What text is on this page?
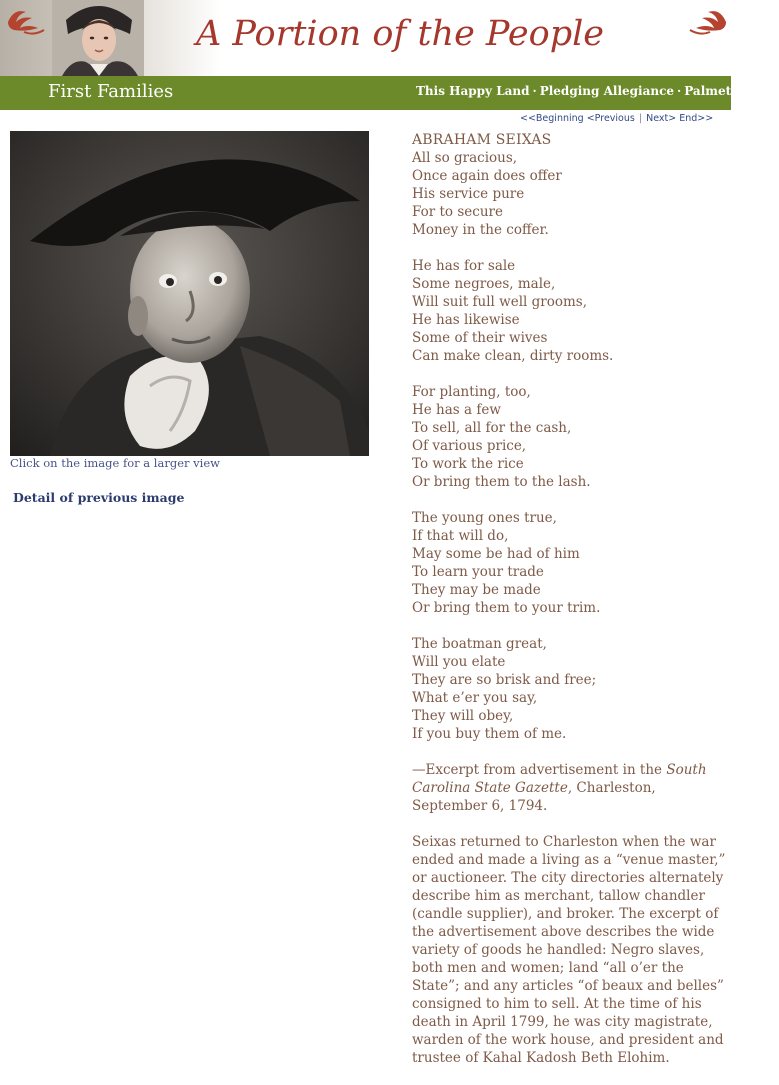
A Portion of the People
First Families	This Happy Land · Pledging Allegiance · Palmetto Jews
<<Beginning <Previous | Next> End>>
Click on the image for a larger view
Detail of previous image
ABRAHAM SEIXAS

All so gracious,
Once again does offer
His service pure
For to secure
Money in the coffer.

He has for sale
Some negroes, male,
Will suit full well grooms,
He has likewise
Some of their wives
Can make clean, dirty rooms.

For planting, too,
He has a few
To sell, all for the cash,
Of various price,
To work the rice
Or bring them to the lash.

The young ones true,
If that will do,
May some be had of him
To learn your trade
They may be made
Or bring them to your trim.

The boatman great,
Will you elate
They are so brisk and free;
What e’er you say,
They will obey,
If you buy them of me.

—Excerpt from advertisement in the South Carolina State Gazette, Charleston, September 6, 1794.

Seixas returned to Charleston when the war ended and made a living as a “venue master,” or auctioneer. The city directories alternately describe him as merchant, tallow chandler (candle supplier), and broker. The excerpt of the advertisement above describes the wide variety of goods he handled: Negro slaves, both men and women; land “all o’er the State”; and any articles “of beaux and belles” consigned to him to sell. At the time of his death in April 1799, he was city magistrate, warden of the work house, and president and trustee of Kahal Kadosh Beth Elohim.
